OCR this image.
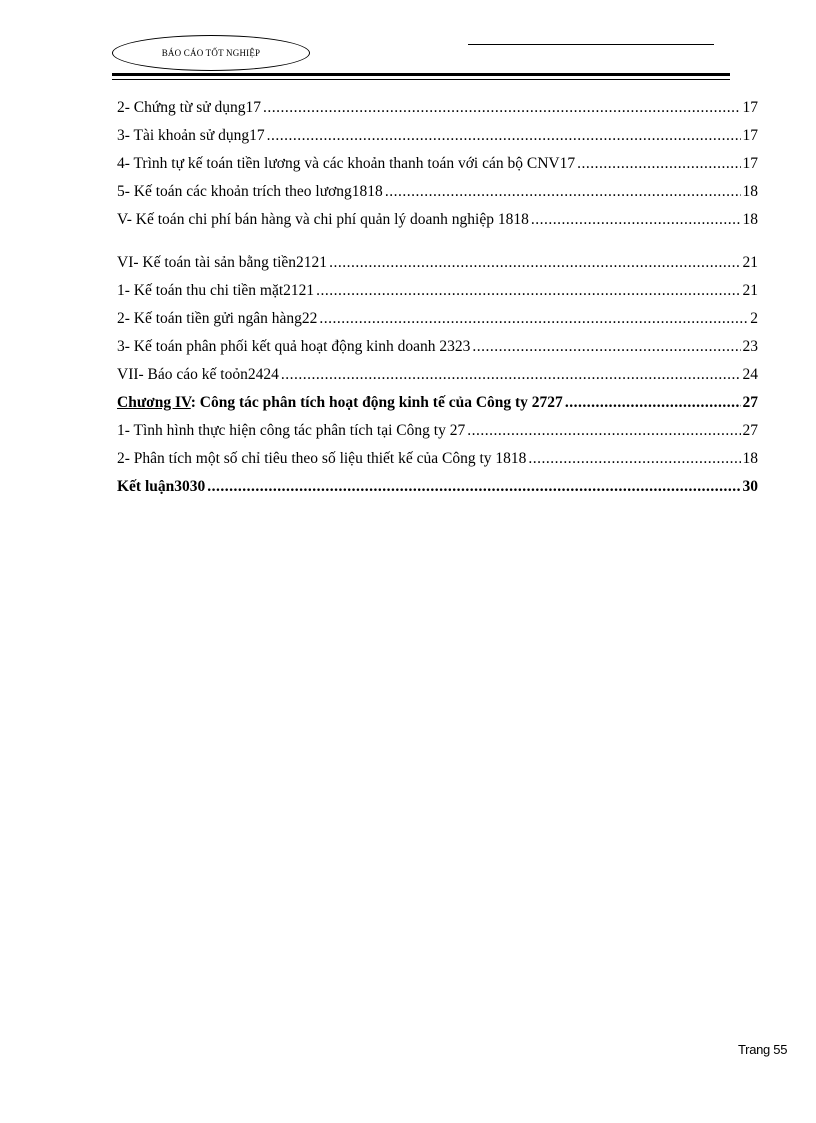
BÁO CÁO TỐT NGHIỆP
2- Chứng từ sử dụng17 .....	17
3- Tài khoản sử dụng17 .....	17
4- Trình tự kế toán tiền lương và các khoản thanh toán với cán bộ CNV17 .....	17
5- Kế toán các khoản trích theo lương1818 .....	18
V- Kế toán chi phí bán hàng và chi phí quản lý doanh nghiệp 1818 .....	18
VI- Kế toán tài sản bằng tiền2121 .....	21
1- Kế toán thu chi tiền mặt2121 .....	21
2- Kế toán tiền gửi ngân hàng22 .....	2
3- Kế toán phân phối kết quả hoạt động kinh doanh 2323 .....	23
VII- Báo cáo kế toỏn2424 .....	24
Chương IV: Công tác phân tích hoạt động kinh tế của Công ty 2727 .....	27
1- Tình hình thực hiện công tác phân tích tại Công ty 27 .....	27
2- Phân tích một số chỉ tiêu theo số liệu thiết kế của Công ty 1818 .....	18
Kết luận3030 .....	30
Trang 55
